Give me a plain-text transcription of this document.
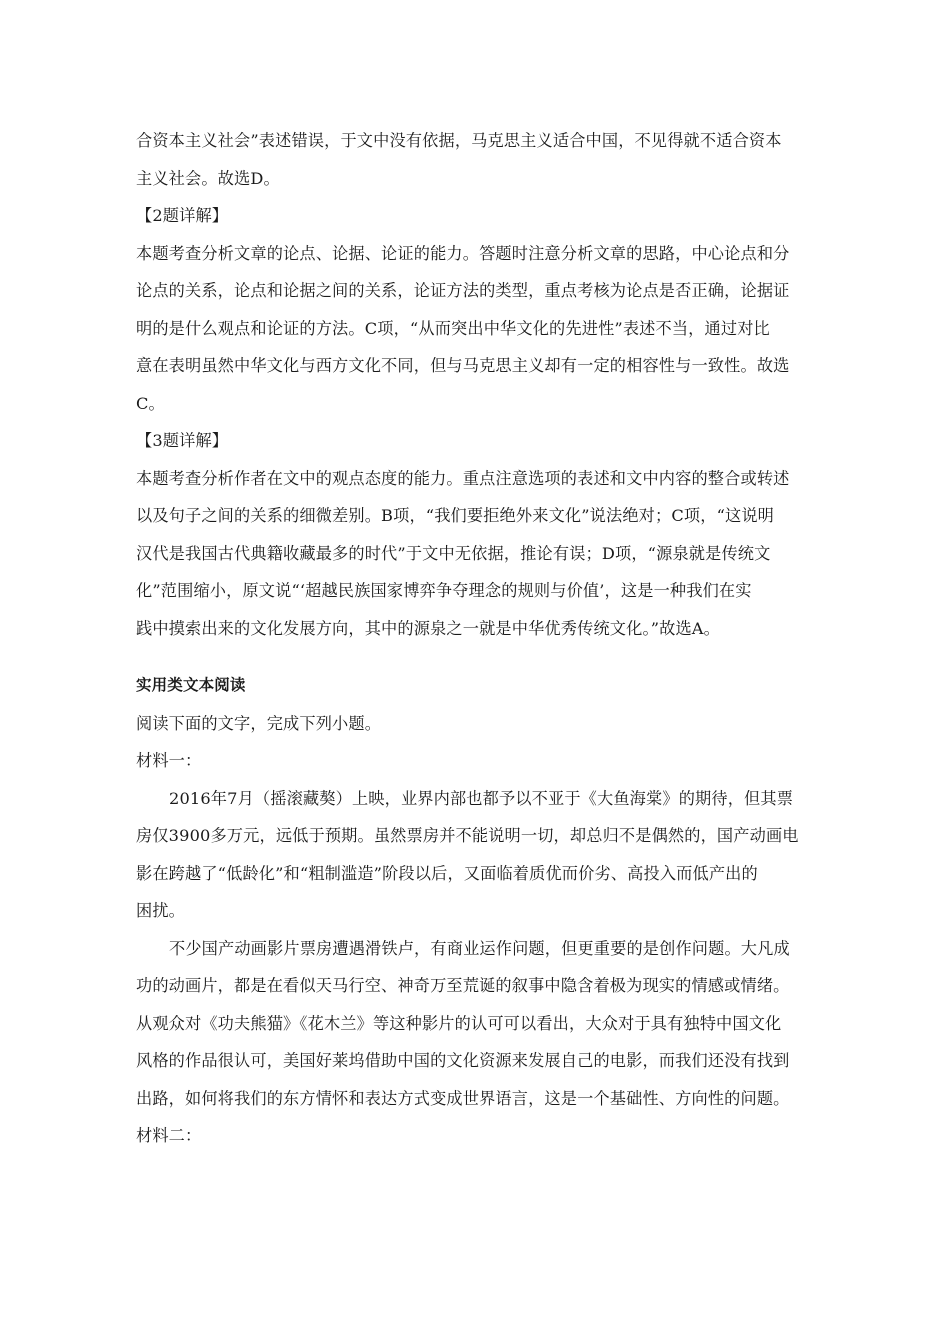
合资本主义社会”表述错误，于文中没有依据，马克思主义适合中国，不见得就不适合资本
主义社会。故选D。
【2题详解】
本题考查分析文章的论点、论据、论证的能力。答题时注意分析文章的思路，中心论点和分
论点的关系，论点和论据之间的关系，论证方法的类型，重点考核为论点是否正确，论据证
明的是什么观点和论证的方法。C项，“从而突出中华文化的先进性”表述不当，通过对比
意在表明虽然中华文化与西方文化不同，但与马克思主义却有一定的相容性与一致性。故选
C。
【3题详解】
本题考查分析作者在文中的观点态度的能力。重点注意选项的表述和文中内容的整合或转述
以及句子之间的关系的细微差别。B项，“我们要拒绝外来文化”说法绝对；C项，“这说明
汉代是我国古代典籍收藏最多的时代”于文中无依据，推论有误；D项，“源泉就是传统文
化”范围缩小，原文说“‘超越民族国家博弈争夺理念的规则与价值’，这是一种我们在实
践中摸索出来的文化发展方向，其中的源泉之一就是中华优秀传统文化。”故选A。
实用类文本阅读
阅读下面的文字，完成下列小题。
材料一：
2016年7月（摇滚藏獒）上映，业界内部也都予以不亚于《大鱼海棠》的期待，但其票
房仅3900多万元，远低于预期。虽然票房并不能说明一切，却总归不是偶然的，国产动画电
影在跨越了“低龄化”和“粗制滥造”阶段以后，又面临着质优而价劣、高投入而低产出的
困扰。
不少国产动画影片票房遭遇滑铁卢，有商业运作问题，但更重要的是创作问题。大凡成
功的动画片，都是在看似天马行空、神奇万至荒诞的叙事中隐含着极为现实的情感或情绪。
从观众对《功夫熊猫》《花木兰》等这种影片的认可可以看出，大众对于具有独特中国文化
风格的作品很认可，美国好莱坞借助中国的文化资源来发展自己的电影，而我们还没有找到
出路，如何将我们的东方情怀和表达方式变成世界语言，这是一个基础性、方向性的问题。
材料二：
